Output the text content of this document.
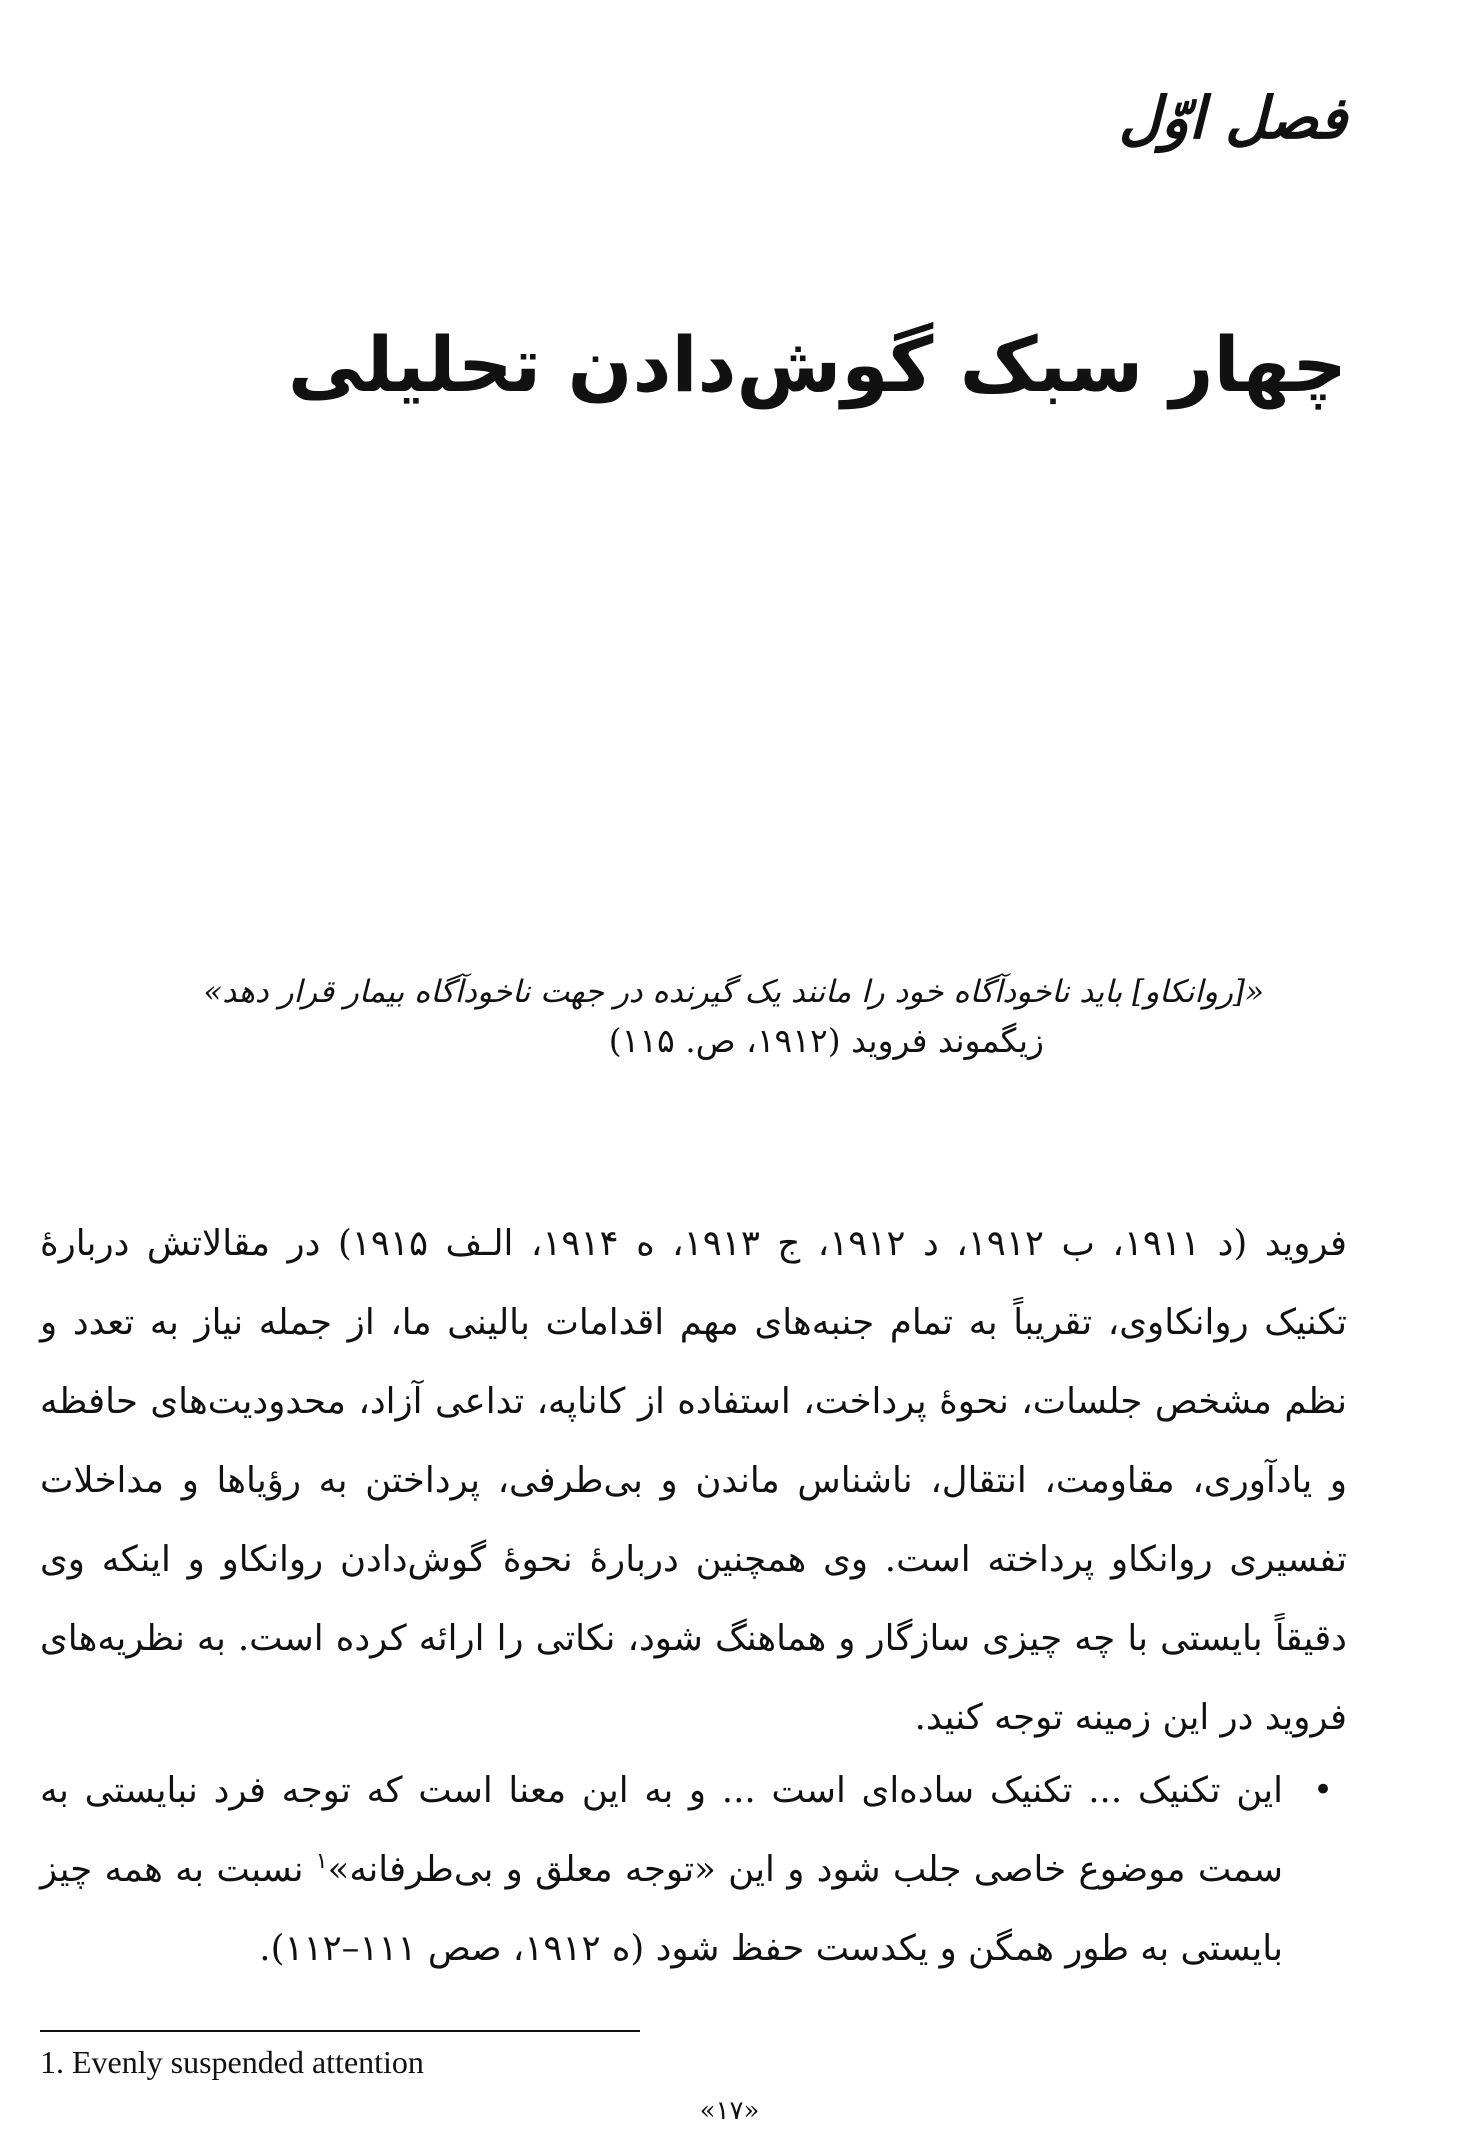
فصل اوّل
چهار سبک گوش‌دادن تحلیلی
«[روانکاو] باید ناخودآگاه خود را مانند یک گیرنده در جهت ناخودآگاه بیمار قرار دهد»
زیگموند فروید (۱۹۱۲، ص. ۱۱۵)
فروید (د ۱۹۱۱، ب ۱۹۱۲، د ۱۹۱۲، ج ۱۹۱۳، ه ۱۹۱۴، الـف ۱۹۱۵) در مقالاتش دربارۀ تکنیک روانکاوی، تقریباً به تمام جنبه‌های مهم اقدامات بالینی ما، از جمله نیاز به تعدد و نظم مشخص جلسات، نحوۀ پرداخت، استفاده از کاناپه، تداعی آزاد، محدودیت‌های حافظه و یادآوری، مقاومت، انتقال، ناشناس ماندن و بی‌طرفی، پرداختن به رؤیاها و مداخلات تفسیری روانکاو پرداخته است. وی همچنین دربارۀ نحوۀ گوش‌دادن روانکاو و اینکه وی دقیقاً بایستی با چه چیزی سازگار و هماهنگ شود، نکاتی را ارائه کرده است. به نظریه‌های فروید در این زمینه توجه کنید.
•
این تکنیک ... تکنیک ساده‌ای است ... و به این معنا است که توجه فرد نبایستی به سمت موضوع خاصی جلب شود و این «توجه معلق و بی‌طرفانه»$^۱$ نسبت به همه چیز بایستی به طور همگن و یکدست حفظ شود (ه ۱۹۱۲، صص ۱۱۱–۱۱۲).
1. Evenly suspended attention
«۱۷»
